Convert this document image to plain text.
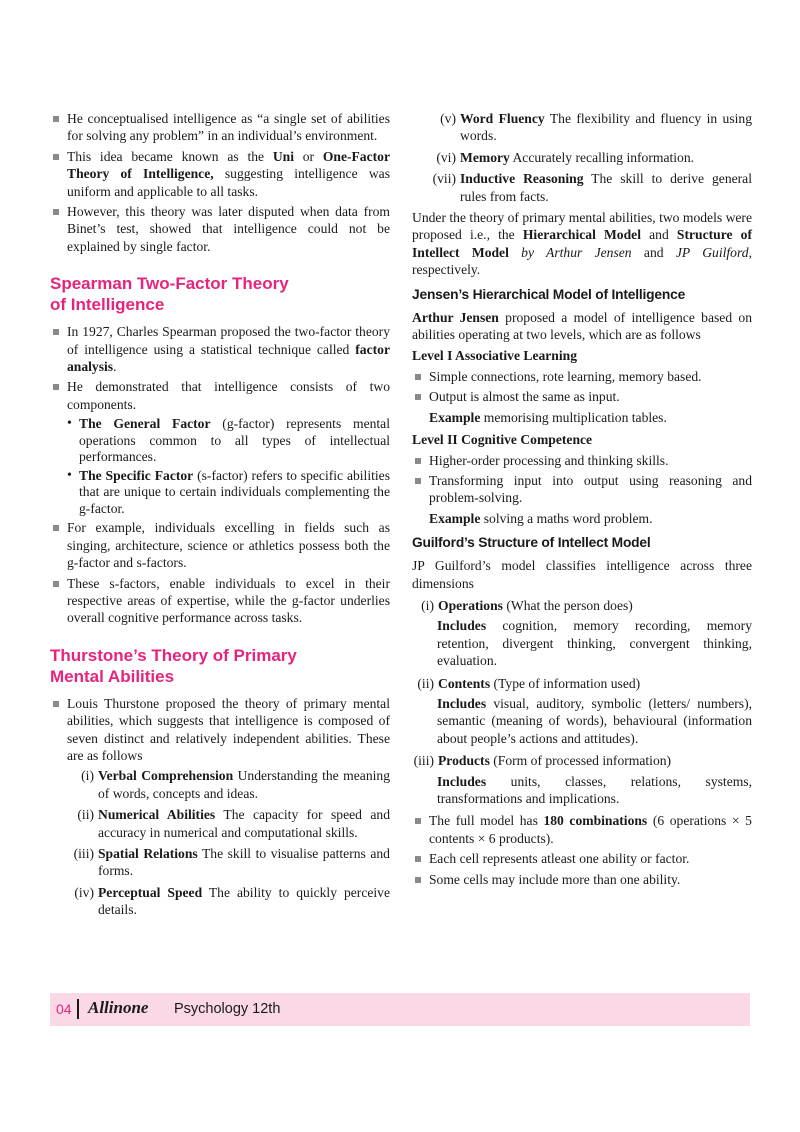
He conceptualised intelligence as “a single set of abilities for solving any problem” in an individual’s environment.

This idea became known as the Uni or One-Factor Theory of Intelligence, suggesting intelligence was uniform and applicable to all tasks.

However, this theory was later disputed when data from Binet’s test, showed that intelligence could not be explained by single factor.

Spearman Two-Factor Theory
of Intelligence

In 1927, Charles Spearman proposed the two-factor theory of intelligence using a statistical technique called factor analysis.

He demonstrated that intelligence consists of two components.

• The General Factor (g-factor) represents mental operations common to all types of intellectual performances.

• The Specific Factor (s-factor) refers to specific abilities that are unique to certain individuals complementing the g-factor.

For example, individuals excelling in fields such as singing, architecture, science or athletics possess both the g-factor and s-factors.

These s-factors, enable individuals to excel in their respective areas of expertise, while the g-factor underlies overall cognitive performance across tasks.

Thurstone’s Theory of Primary
Mental Abilities

Louis Thurstone proposed the theory of primary mental abilities, which suggests that intelligence is composed of seven distinct and relatively independent abilities. These are as follows

(i) Verbal Comprehension Understanding the meaning of words, concepts and ideas.

(ii) Numerical Abilities The capacity for speed and accuracy in numerical and computational skills.

(iii) Spatial Relations The skill to visualise patterns and forms.

(iv) Perceptual Speed The ability to quickly perceive details.

(v) Word Fluency The flexibility and fluency in using words.

(vi) Memory Accurately recalling information.

(vii) Inductive Reasoning The skill to derive general rules from facts.

Under the theory of primary mental abilities, two models were proposed i.e., the Hierarchical Model and Structure of Intellect Model by Arthur Jensen and JP Guilford, respectively.

Jensen’s Hierarchical Model of Intelligence

Arthur Jensen proposed a model of intelligence based on abilities operating at two levels, which are as follows

Level I Associative Learning

Simple connections, rote learning, memory based.

Output is almost the same as input.

Example memorising multiplication tables.

Level II Cognitive Competence

Higher-order processing and thinking skills.

Transforming input into output using reasoning and problem-solving.

Example solving a maths word problem.

Guilford’s Structure of Intellect Model

JP Guilford’s model classifies intelligence across three dimensions

(i) Operations (What the person does)

Includes cognition, memory recording, memory retention, divergent thinking, convergent thinking, evaluation.

(ii) Contents (Type of information used)

Includes visual, auditory, symbolic (letters/ numbers), semantic (meaning of words), behavioural (information about people’s actions and attitudes).

(iii) Products (Form of processed information)

Includes units, classes, relations, systems, transformations and implications.

The full model has 180 combinations (6 operations × 5 contents × 6 products).

Each cell represents atleast one ability or factor.

Some cells may include more than one ability.

04 Allinone Psychology 12th
